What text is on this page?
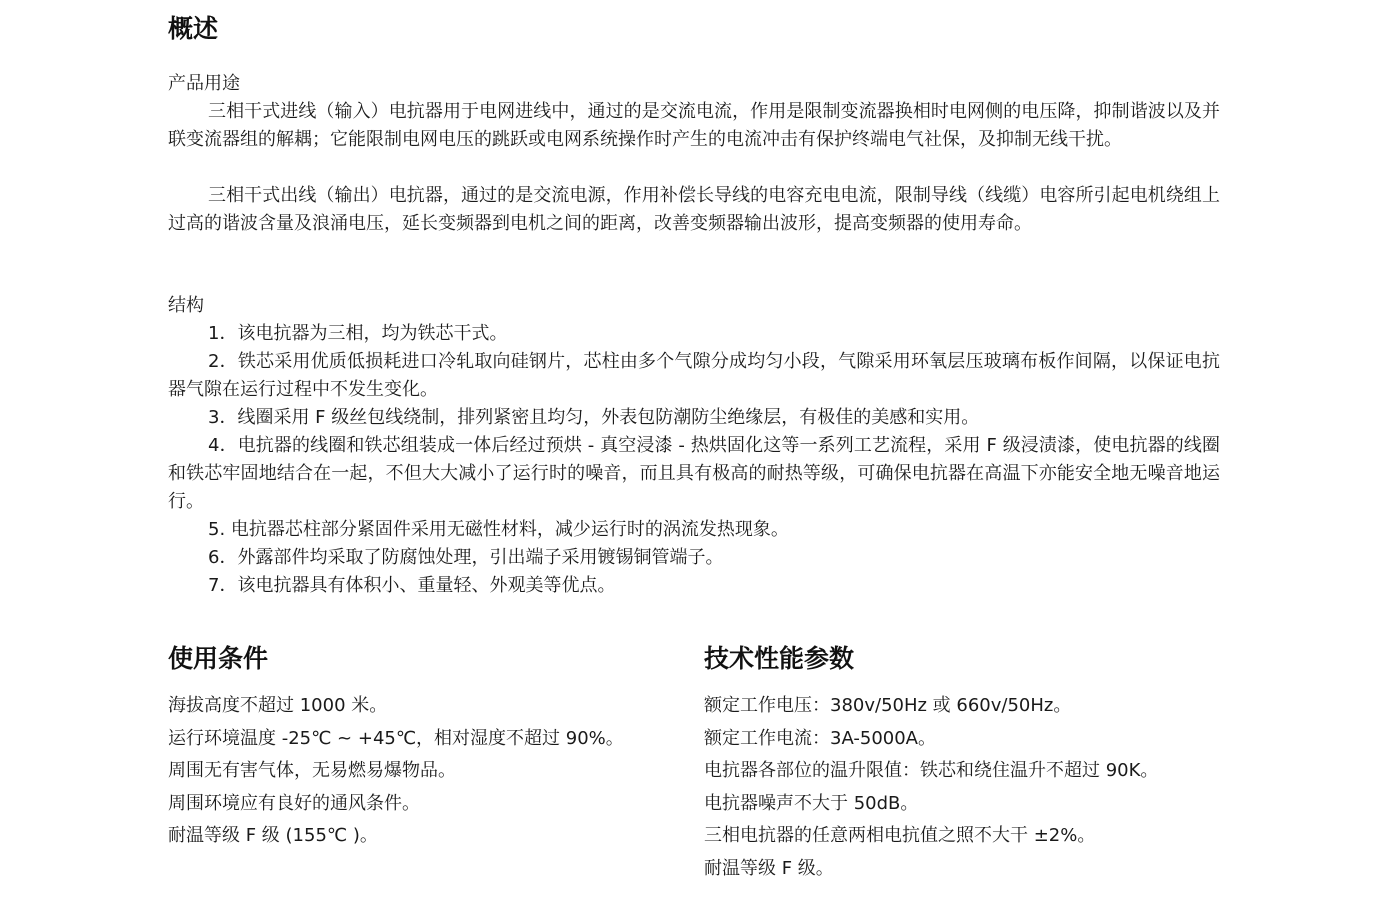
概述
产品用途

三相干式进线（输入）电抗器用于电网进线中，通过的是交流电流，作用是限制变流器换相时电网侧的电压降，抑制谐波以及并联变流器组的解耦；它能限制电网电压的跳跃或电网系统操作时产生的电流冲击有保护终端电气社保，及抑制无线干扰。

三相干式出线（输出）电抗器，通过的是交流电源，作用补偿长导线的电容充电电流，限制导线（线缆）电容所引起电机绕组上过高的谐波含量及浪涌电压，延长变频器到电机之间的距离，改善变频器输出波形，提高变频器的使用寿命。

结构

1．该电抗器为三相，均为铁芯干式。

2．铁芯采用优质低损耗进口冷轧取向硅钢片，芯柱由多个气隙分成均匀小段，气隙采用环氧层压玻璃布板作间隔，以保证电抗器气隙在运行过程中不发生变化。

3．线圈采用 F 级丝包线绕制，排列紧密且均匀，外表包防潮防尘绝缘层，有极佳的美感和实用。

4．电抗器的线圈和铁芯组装成一体后经过预烘 - 真空浸漆 - 热烘固化这等一系列工艺流程，采用 F 级浸渍漆，使电抗器的线圈和铁芯牢固地结合在一起，不但大大减小了运行时的噪音，而且具有极高的耐热等级，可确保电抗器在高温下亦能安全地无噪音地运行。

5. 电抗器芯柱部分紧固件采用无磁性材料，减少运行时的涡流发热现象。

6．外露部件均采取了防腐蚀处理，引出端子采用镀锡铜管端子。

7．该电抗器具有体积小、重量轻、外观美等优点。

使用条件
海拔高度不超过 1000 米。
运行环境温度 -25℃ ~ +45℃，相对湿度不超过 90%。
周围无有害气体，无易燃易爆物品。
周围环境应有良好的通风条件。
耐温等级 F 级 (155℃ )。
技术性能参数
额定工作电压：380v/50Hz 或 660v/50Hz。
额定工作电流：3A-5000A。
电抗器各部位的温升限值：铁芯和绕住温升不超过 90K。
电抗器噪声不大于 50dB。
三相电抗器的任意两相电抗值之照不大干 ±2%。
耐温等级 F 级。
